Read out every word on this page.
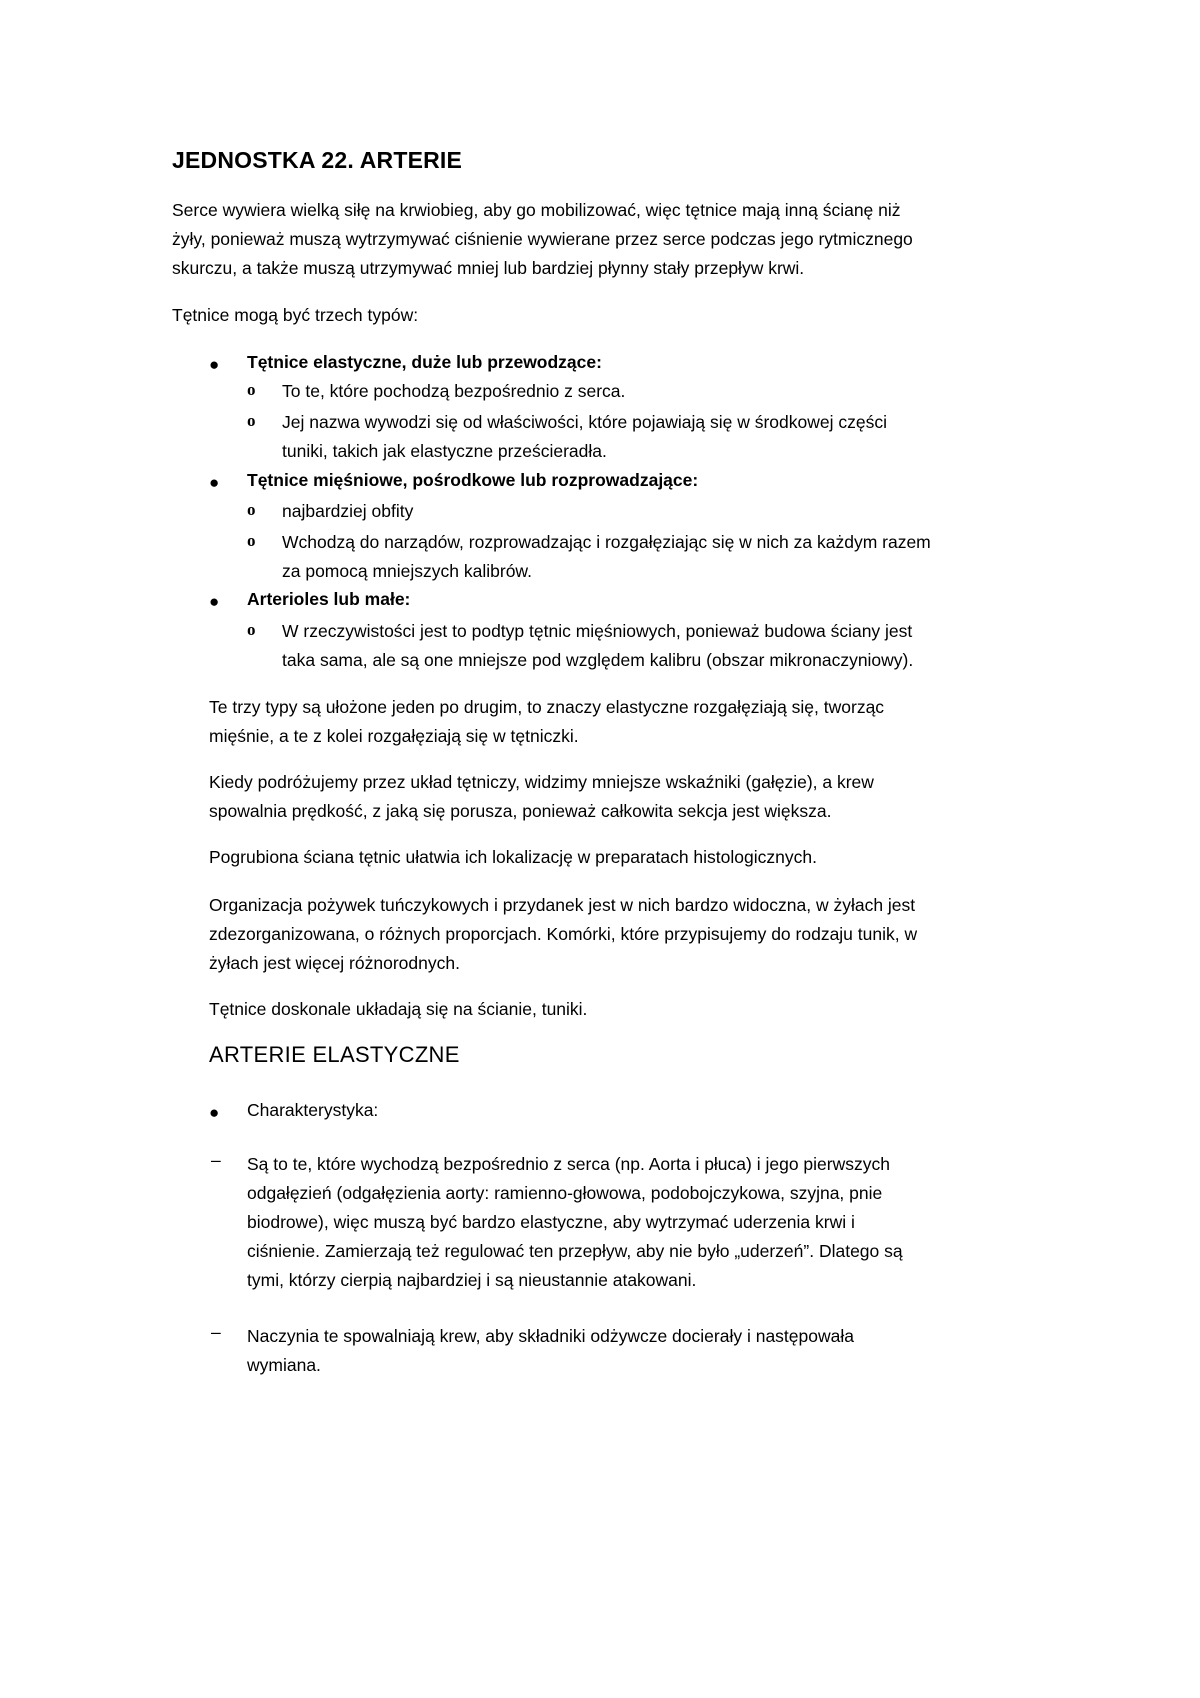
JEDNOSTKA 22. ARTERIE
Serce wywiera wielką siłę na krwiobieg, aby go mobilizować, więc tętnice mają inną ścianę niż
żyły, ponieważ muszą wytrzymywać ciśnienie wywierane przez serce podczas jego rytmicznego
skurczu, a także muszą utrzymywać mniej lub bardziej płynny stały przepływ krwi.
Tętnice mogą być trzech typów:
● Tętnice elastyczne, duże lub przewodzące:
o To te, które pochodzą bezpośrednio z serca.
o Jej nazwa wywodzi się od właściwości, które pojawiają się w środkowej części
tuniki, takich jak elastyczne prześcieradła.
● Tętnice mięśniowe, pośrodkowe lub rozprowadzające:
o najbardziej obfity
o Wchodzą do narządów, rozprowadzając i rozgałęziając się w nich za każdym razem
za pomocą mniejszych kalibrów.
● Arterioles lub małe:
o W rzeczywistości jest to podtyp tętnic mięśniowych, ponieważ budowa ściany jest
taka sama, ale są one mniejsze pod względem kalibru (obszar mikronaczyniowy).
Te trzy typy są ułożone jeden po drugim, to znaczy elastyczne rozgałęziają się, tworząc
mięśnie, a te z kolei rozgałęziają się w tętniczki.
Kiedy podróżujemy przez układ tętniczy, widzimy mniejsze wskaźniki (gałęzie), a krew
spowalnia prędkość, z jaką się porusza, ponieważ całkowita sekcja jest większa.
Pogrubiona ściana tętnic ułatwia ich lokalizację w preparatach histologicznych.
Organizacja pożywek tuńczykowych i przydanek jest w nich bardzo widoczna, w żyłach jest
zdezorganizowana, o różnych proporcjach. Komórki, które przypisujemy do rodzaju tunik, w
żyłach jest więcej różnorodnych.
Tętnice doskonale układają się na ścianie, tuniki.
ARTERIE ELASTYCZNE
● Charakterystyka:
– Są to te, które wychodzą bezpośrednio z serca (np. Aorta i płuca) i jego pierwszych
odgałęzień (odgałęzienia aorty: ramienno-głowowa, podobojczykowa, szyjna, pnie
biodrowe), więc muszą być bardzo elastyczne, aby wytrzymać uderzenia krwi i
ciśnienie. Zamierzają też regulować ten przepływ, aby nie było „uderzeń”. Dlatego są
tymi, którzy cierpią najbardziej i są nieustannie atakowani.
– Naczynia te spowalniają krew, aby składniki odżywcze docierały i następowała
wymiana.
